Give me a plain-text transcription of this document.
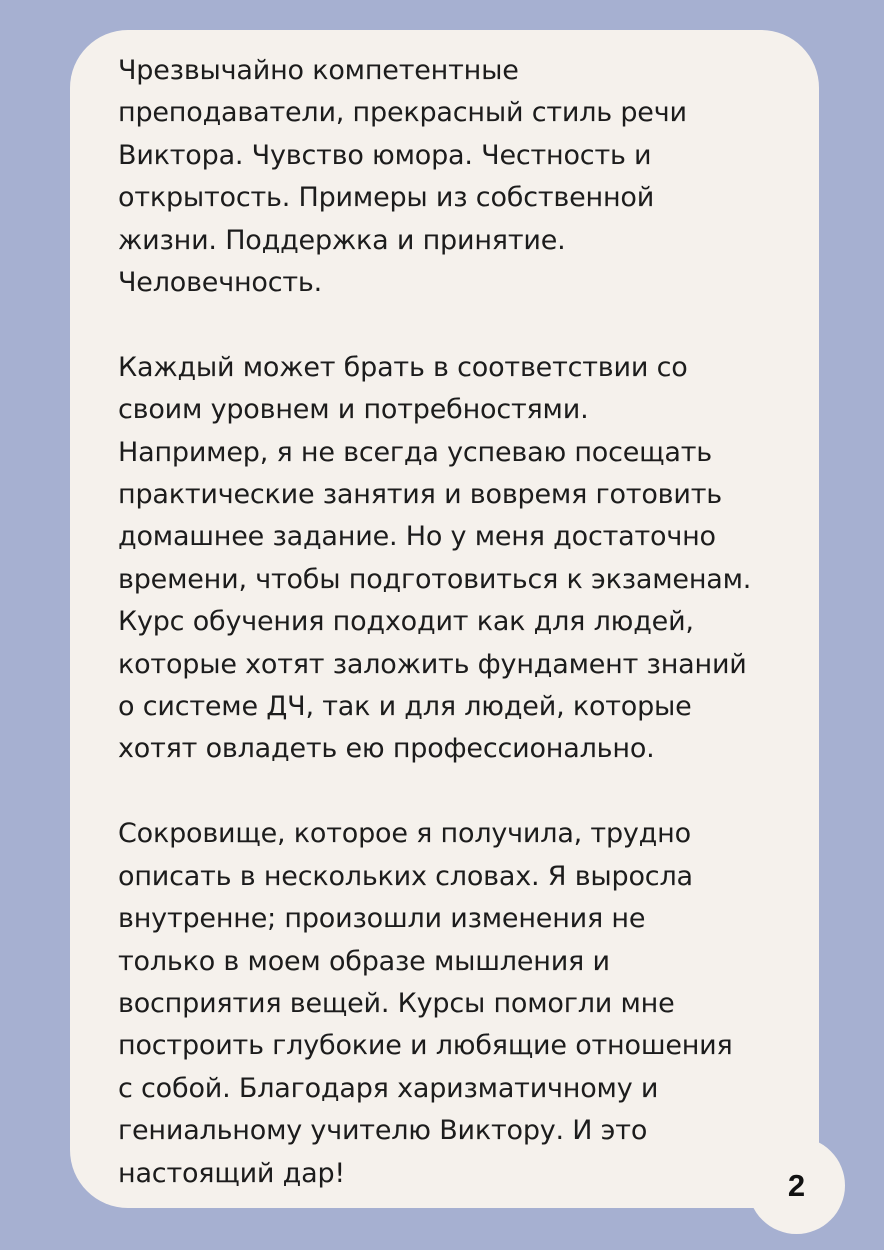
Чрезвычайно компетентные
преподаватели, прекрасный стиль речи
Виктора. Чувство юмора. Честность и
открытость. Примеры из собственной
жизни. Поддержка и принятие.
Человечность.

Каждый может брать в соответствии со
своим уровнем и потребностями.
Например, я не всегда успеваю посещать
практические занятия и вовремя готовить
домашнее задание. Но у меня достаточно
времени, чтобы подготовиться к экзаменам.
Курс обучения подходит как для людей,
которые хотят заложить фундамент знаний
о системе ДЧ, так и для людей, которые
хотят овладеть ею профессионально.

Сокровище, которое я получила, трудно
описать в нескольких словах. Я выросла
внутренне; произошли изменения не
только в моем образе мышления и
восприятия вещей. Курсы помогли мне
построить глубокие и любящие отношения
с собой. Благодаря харизматичному и
гениальному учителю Виктору. И это
настоящий дар!	2
